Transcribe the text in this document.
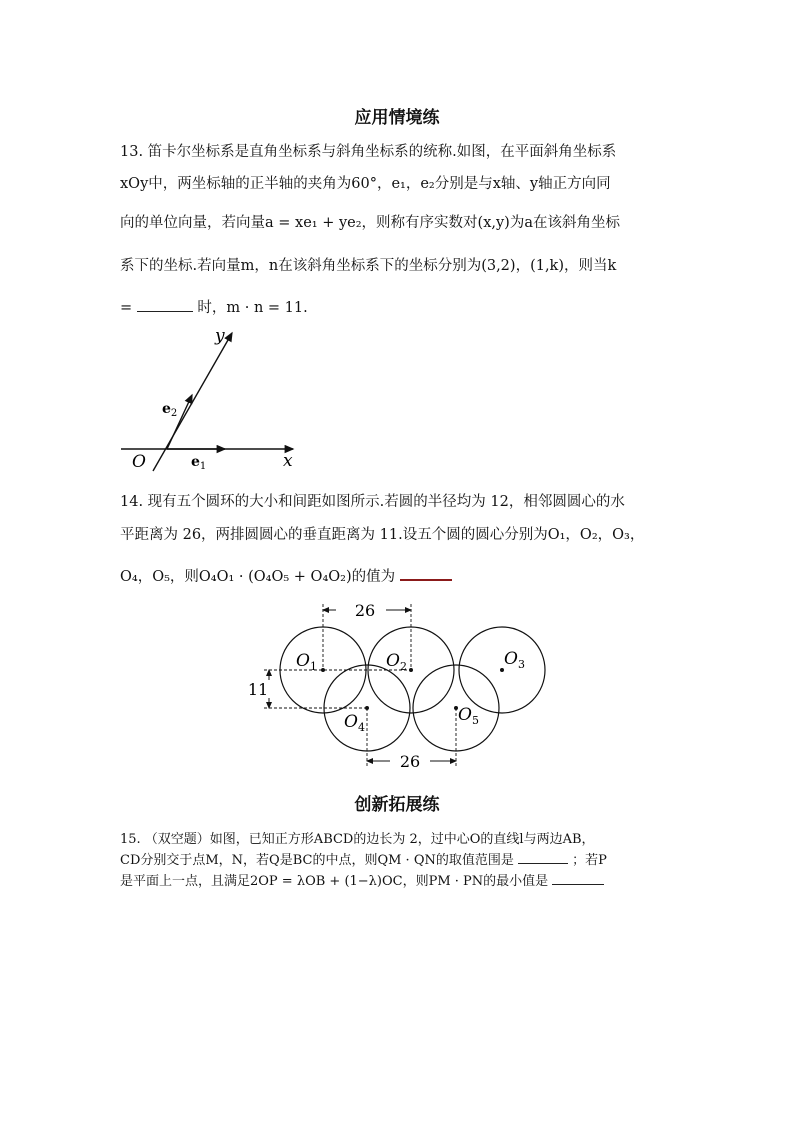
应用情境练
13. 笛卡尔坐标系是直角坐标系与斜角坐标系的统称.如图，在平面斜角坐标系
xOy中，两坐标轴的正半轴的夹角为60°，e₁，e₂分别是与x轴、y轴正方向同
向的单位向量，若向量a = xe₁ + ye₂，则称有序实数对(x,y)为a在该斜角坐标
系下的坐标.若向量m，n在该斜角坐标系下的坐标分别为(3,2)，(1,k)，则当k
=	时，m · n = 11.
y
x
O	$e_1$
$e_2$
14. 现有五个圆环的大小和间距如图所示.若圆的半径均为 12，相邻圆圆心的水
平距离为 26，两排圆圆心的垂直距离为 11.设五个圆的圆心分别为O₁，O₂，O₃，
O₄，O₅，则O₄O₁ · (O₄O₅ + O₄O₂)的值为
26
26
11
$O_1$	$O_2$	$O_3$
$O_4$
$O_5$
创新拓展练
15. （双空题）如图，已知正方形ABCD的边长为 2，过中心O的直线l与两边AB，
CD分别交于点M，N，若Q是BC的中点，则QM · QN的取值范围是	；若P
是平面上一点，且满足2OP = λOB + (1−λ)OC，则PM · PN的最小值是
